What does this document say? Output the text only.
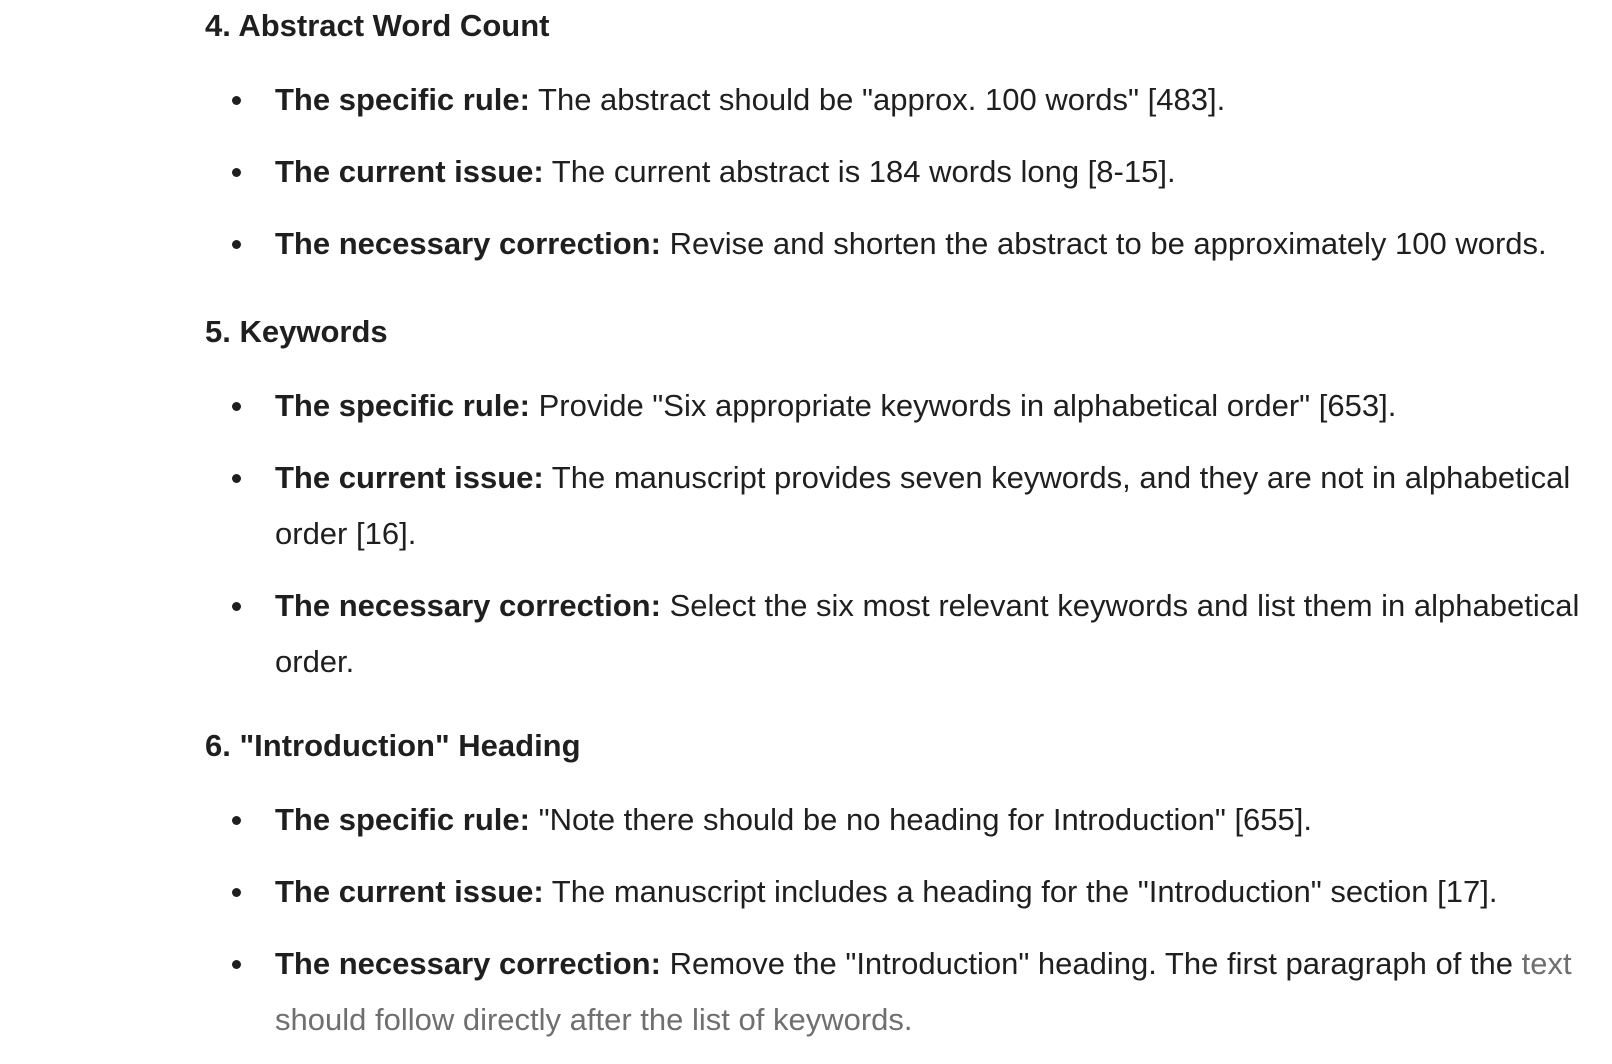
4. Abstract Word Count
The specific rule: The abstract should be "approx. 100 words" [483].
The current issue: The current abstract is 184 words long [8-15].
The necessary correction: Revise and shorten the abstract to be approximately 100 words.
5. Keywords
The specific rule: Provide "Six appropriate keywords in alphabetical order" [653].
The current issue: The manuscript provides seven keywords, and they are not in alphabetical order [16].
The necessary correction: Select the six most relevant keywords and list them in alphabetical order.
6. "Introduction" Heading
The specific rule: "Note there should be no heading for Introduction" [655].
The current issue: The manuscript includes a heading for the "Introduction" section [17].
The necessary correction: Remove the "Introduction" heading. The first paragraph of the text should follow directly after the list of keywords.
